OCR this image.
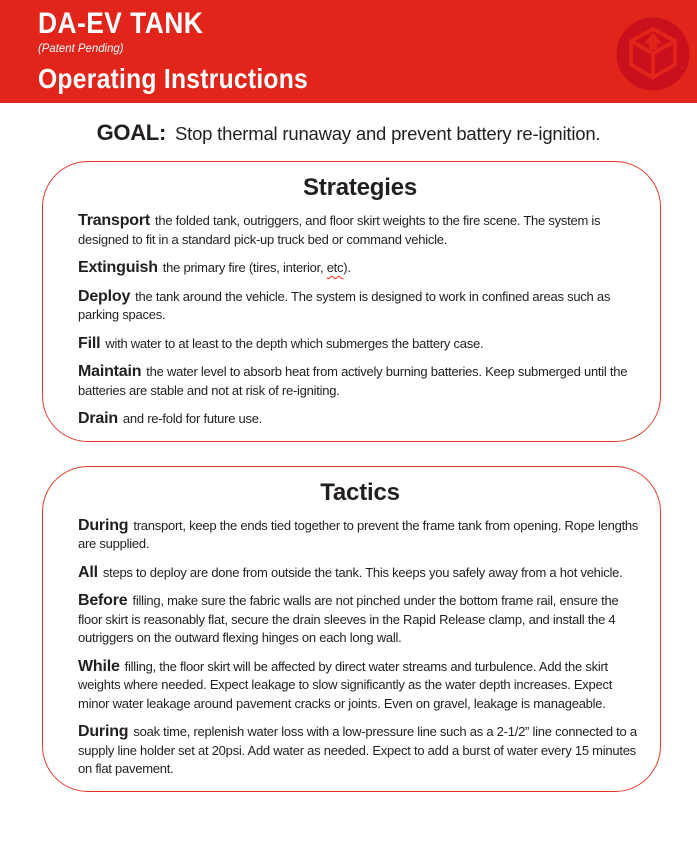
DA-EV TANK
(Patent Pending)
Operating Instructions	™
GOAL: Stop thermal runaway and prevent battery re-ignition.
Strategies

Transport the folded tank, outriggers, and floor skirt weights to the fire scene. The system is designed to fit in a standard pick-up truck bed or command vehicle.

Extinguish the primary fire (tires, interior, etc).

Deploy the tank around the vehicle. The system is designed to work in confined areas such as parking spaces.

Fill with water to at least to the depth which submerges the battery case.

Maintain the water level to absorb heat from actively burning batteries. Keep submerged until the batteries are stable and not at risk of re-igniting.

Drain and re-fold for future use.

Tactics

During transport, keep the ends tied together to prevent the frame tank from opening. Rope lengths are supplied.

All steps to deploy are done from outside the tank. This keeps you safely away from a hot vehicle.

Before filling, make sure the fabric walls are not pinched under the bottom frame rail, ensure the floor skirt is reasonably flat, secure the drain sleeves in the Rapid Release clamp, and install the 4 outriggers on the outward flexing hinges on each long wall.

While filling, the floor skirt will be affected by direct water streams and turbulence. Add the skirt weights where needed. Expect leakage to slow significantly as the water depth increases. Expect minor water leakage around pavement cracks or joints. Even on gravel, leakage is manageable.

During soak time, replenish water loss with a low-pressure line such as a 2-1/2” line connected to a supply line holder set at 20psi. Add water as needed. Expect to add a burst of water every 15 minutes on flat pavement.
